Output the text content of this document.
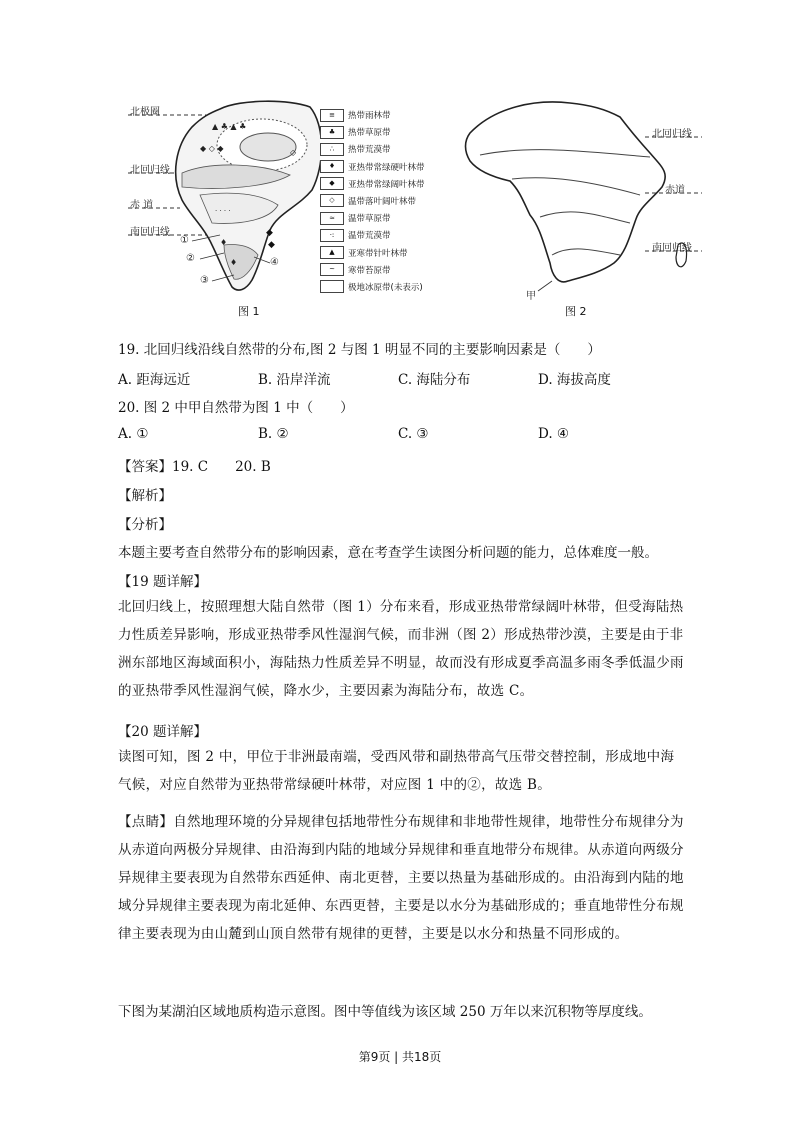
▲ ♣ ▲ ♣
◆ ◇ ◆	◇
· · · ·
◆
◆
♦
♦
北极圈
北回归线
赤 道
南回归线
①
②
③
④
≡	热带雨林带
♣	热带草原带
∴	热带荒漠带
♦	亚热带常绿硬叶林带
◆	亚热带常绿阔叶林带
◇	温带落叶阔叶林带
≈	温带草原带
·:	温带荒漠带
▲	亚寒带针叶林带
~	寒带苔原带
极地冰原带(未表示)
图 1
北回归线
赤道
南回归线
甲
图 2
19. 北回归线沿线自然带的分布,图 2 与图 1 明显不同的主要影响因素是（　　）
A. 距海远近	B. 沿岸洋流	C. 海陆分布	D. 海拔高度
20. 图 2 中甲自然带为图 1 中（　　）
A. ①	B. ②	C. ③	D. ④
【答案】19. C　　20. B
【解析】
【分析】
本题主要考查自然带分布的影响因素，意在考查学生读图分析问题的能力，总体难度一般。
【19 题详解】
北回归线上，按照理想大陆自然带（图 1）分布来看，形成亚热带常绿阔叶林带，但受海陆热力性质差异影响，形成亚热带季风性湿润气候，而非洲（图 2）形成热带沙漠，主要是由于非洲东部地区海域面积小，海陆热力性质差异不明显，故而没有形成夏季高温多雨冬季低温少雨的亚热带季风性湿润气候，降水少，主要因素为海陆分布，故选 C。
【20 题详解】
读图可知，图 2 中，甲位于非洲最南端，受西风带和副热带高气压带交替控制，形成地中海气候，对应自然带为亚热带常绿硬叶林带，对应图 1 中的②，故选 B。
【点睛】自然地理环境的分异规律包括地带性分布规律和非地带性规律，地带性分布规律分为从赤道向两极分异规律、由沿海到内陆的地域分异规律和垂直地带分布规律。从赤道向两级分异规律主要表现为自然带东西延伸、南北更替，主要以热量为基础形成的。由沿海到内陆的地域分异规律主要表现为南北延伸、东西更替，主要是以水分为基础形成的；垂直地带性分布规律主要表现为由山麓到山顶自然带有规律的更替，主要是以水分和热量不同形成的。
下图为某湖泊区域地质构造示意图。图中等值线为该区域 250 万年以来沉积物等厚度线。
第9页 | 共18页
